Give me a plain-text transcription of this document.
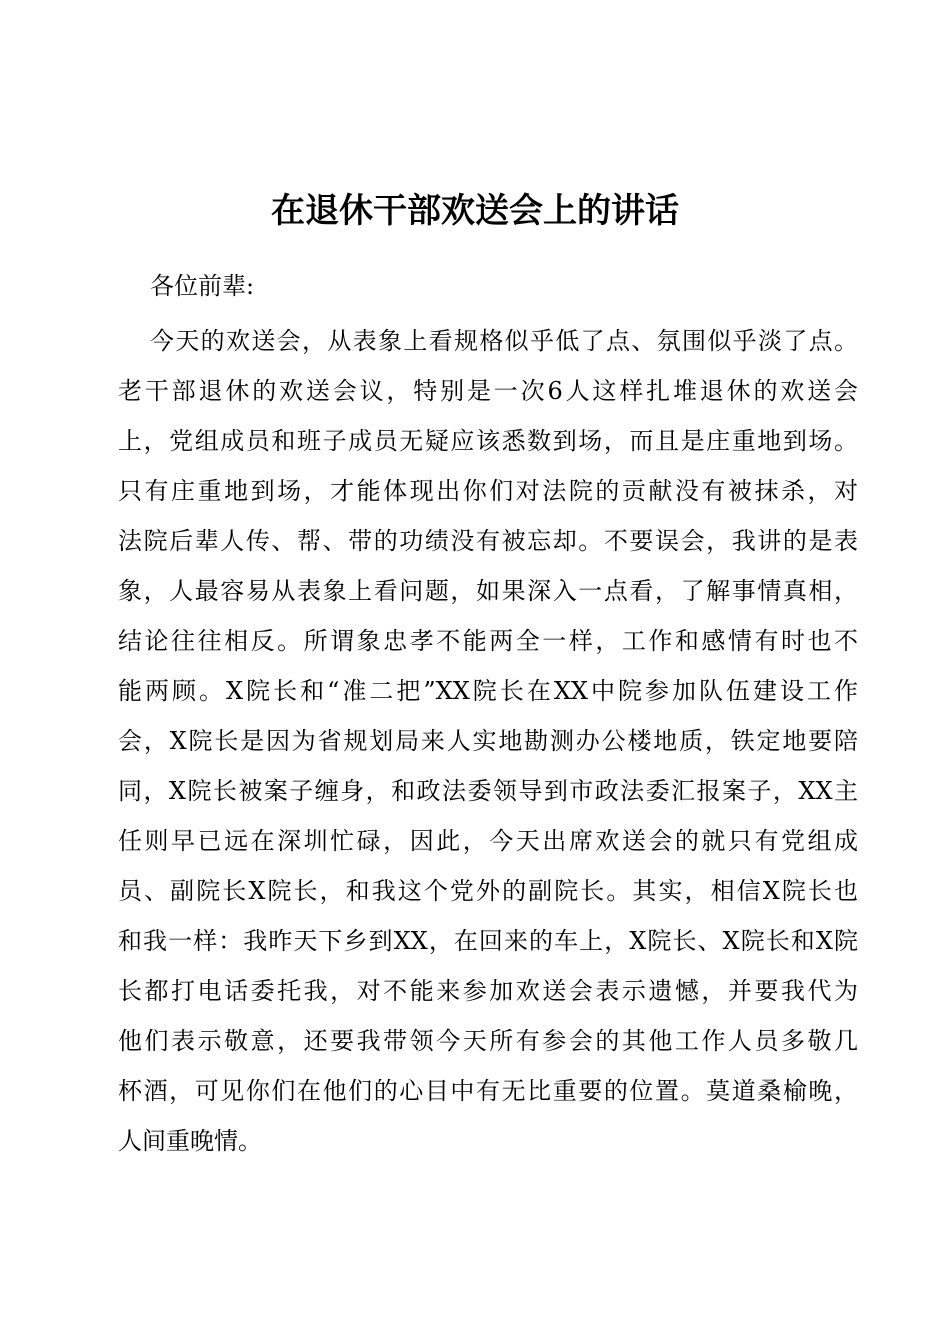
在退休干部欢送会上的讲话

各位前辈:

今天的欢送会，从表象上看规格似乎低了点、氛围似乎淡了点。
老干部退休的欢送会议，特别是一次6人这样扎堆退休的欢送会
上，党组成员和班子成员无疑应该悉数到场，而且是庄重地到场。
只有庄重地到场，才能体现出你们对法院的贡献没有被抹杀，对
法院后辈人传、帮、带的功绩没有被忘却。不要误会，我讲的是表
象，人最容易从表象上看问题，如果深入一点看，了解事情真相，
结论往往相反。所谓象忠孝不能两全一样，工作和感情有时也不
能两顾。X院长和“准二把”XX院长在XX中院参加队伍建设工作
会，X院长是因为省规划局来人实地勘测办公楼地质，铁定地要陪
同，X院长被案子缠身，和政法委领导到市政法委汇报案子，XX主
任则早已远在深圳忙碌，因此，今天出席欢送会的就只有党组成
员、副院长X院长，和我这个党外的副院长。其实，相信X院长也
和我一样：我昨天下乡到XX，在回来的车上，X院长、X院长和X院
长都打电话委托我，对不能来参加欢送会表示遗憾，并要我代为
他们表示敬意，还要我带领今天所有参会的其他工作人员多敬几
杯酒，可见你们在他们的心目中有无比重要的位置。莫道桑榆晚，
人间重晚情。
